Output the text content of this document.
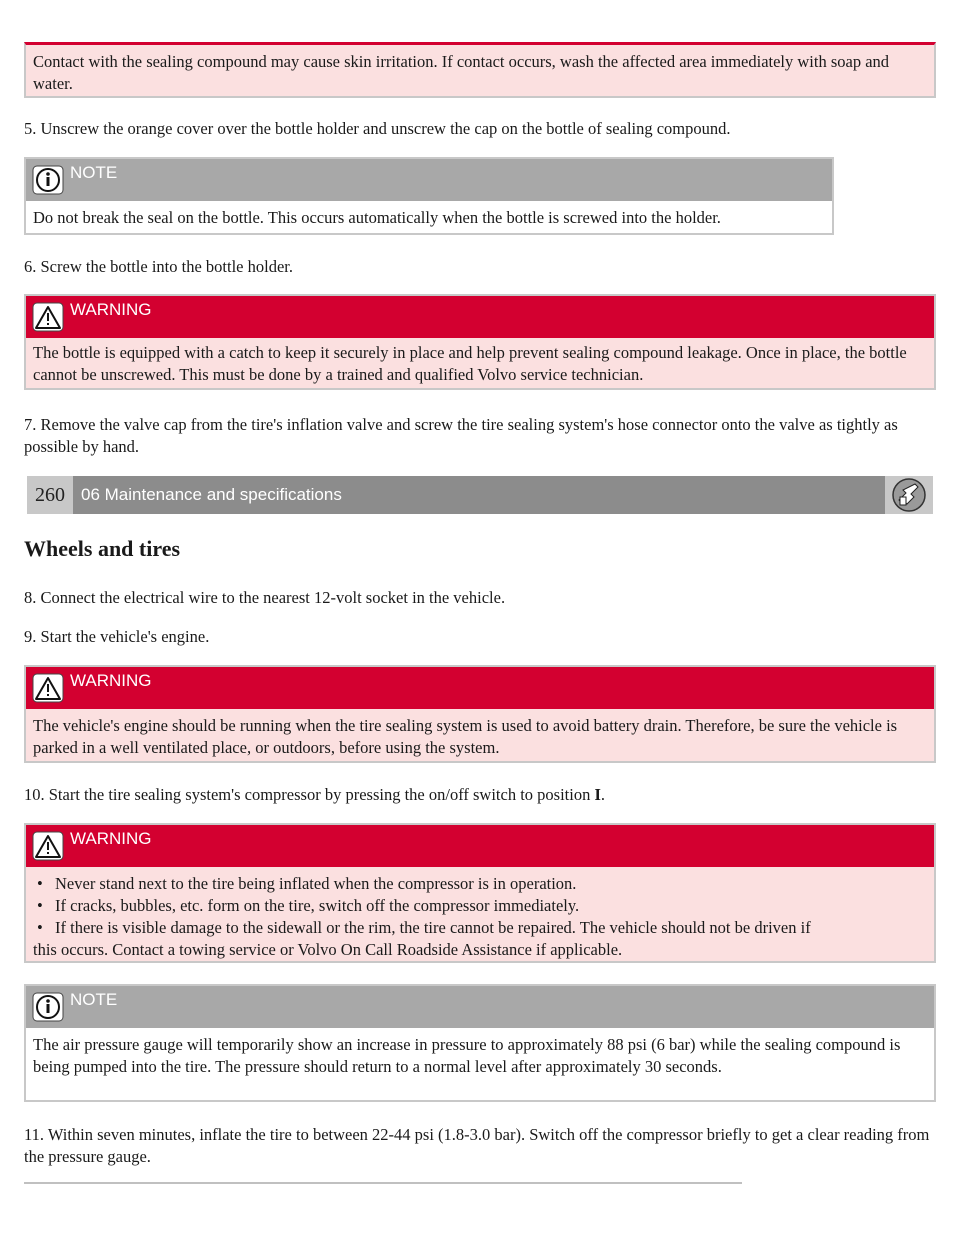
Contact with the sealing compound may cause skin irritation. If contact occurs, wash the affected area immediately with soap and water.

5. Unscrew the orange cover over the bottle holder and unscrew the cap on the bottle of sealing compound.

NOTE
Do not break the seal on the bottle. This occurs automatically when the bottle is screwed into the holder.

6. Screw the bottle into the bottle holder.

WARNING
The bottle is equipped with a catch to keep it securely in place and help prevent sealing compound leakage. Once in place, the bottle cannot be unscrewed. This must be done by a trained and qualified Volvo service technician.

7. Remove the valve cap from the tire's inflation valve and screw the tire sealing system's hose connector onto the valve as tightly as possible by hand.

260 06 Maintenance and specifications
Wheels and tires

8. Connect the electrical wire to the nearest 12-volt socket in the vehicle.

9. Start the vehicle's engine.

WARNING
The vehicle's engine should be running when the tire sealing system is used to avoid battery drain. Therefore, be sure the vehicle is parked in a well ventilated place, or outdoors, before using the system.

10. Start the tire sealing system's compressor by pressing the on/off switch to position I.

WARNING
• Never stand next to the tire being inflated when the compressor is in operation.
• If cracks, bubbles, etc. form on the tire, switch off the compressor immediately.
• If there is visible damage to the sidewall or the rim, the tire cannot be repaired. The vehicle should not be driven if
this occurs. Contact a towing service or Volvo On Call Roadside Assistance if applicable.
NOTE
The air pressure gauge will temporarily show an increase in pressure to approximately 88 psi (6 bar) while the sealing compound is being pumped into the tire. The pressure should return to a normal level after approximately 30 seconds.

11. Within seven minutes, inflate the tire to between 22-44 psi (1.8-3.0 bar). Switch off the compressor briefly to get a clear reading from the pressure gauge.
